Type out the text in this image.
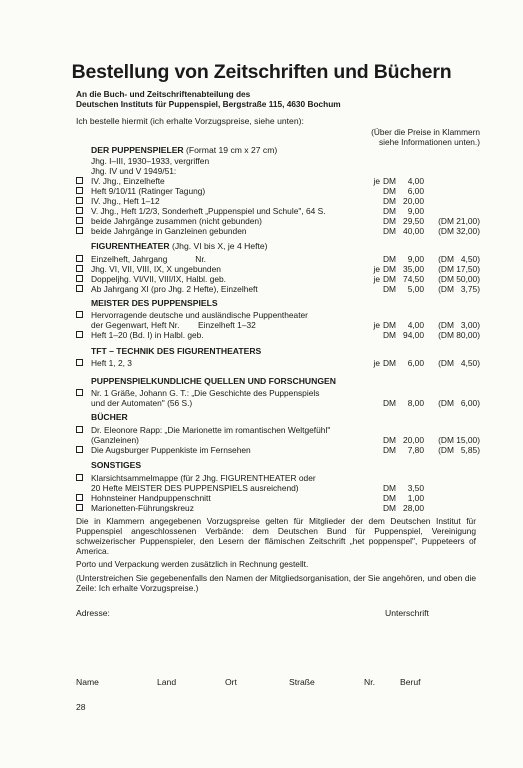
Bestellung von Zeitschriften und Büchern
An die Buch- und Zeitschriftenabteilung des
Deutschen Instituts für Puppenspiel, Bergstraße 115, 4630 Bochum
Ich bestelle hiermit (ich erhalte Vorzugspreise, siehe unten):
(Über die Preise in Klammern
siehe Informationen unten.)
DER PUPPENSPIELER (Format 19 cm x 27 cm)
Jhg. I–III, 1930–1933, vergriffen
Jhg. IV und V 1949/51:
IV. Jhg., Einzelhefte	je DM	4,00
Heft 9/10/11 (Ratinger Tagung)	DM	6,00
IV. Jhg., Heft 1–12	DM 20,00
V. Jhg., Heft 1/2/3, Sonderheft „Puppenspiel und Schule", 64 S.	DM	9,00
beide Jahrgänge zusammen (nicht gebunden)	DM 29,50	(DM 21,00)
beide Jahrgänge in Ganzleinen gebunden	DM 40,00	(DM 32,00)
FIGURENTHEATER (Jhg. VI bis X, je 4 Hefte)
Einzelheft, Jahrgang            Nr.	DM	9,00	(DM   4,50)
Jhg. VI, VII, VIII, IX, X ungebunden	je DM 35,00	(DM 17,50)
Doppeljhg. VI/VII, VIII/IX, Halbl. geb.	je DM 74,50	(DM 50,00)
Ab Jahrgang XI (pro Jhg. 2 Hefte), Einzelheft	DM	5,00	(DM   3,75)
MEISTER DES PUPPENSPIELS
Hervorragende deutsche und ausländische Puppentheater
der Gegenwart, Heft Nr.        Einzelheft 1–32	je DM	4,00	(DM   3,00)
Heft 1–20 (Bd. I) in Halbl. geb.	DM 94,00	(DM 80,00)
TFT – TECHNIK DES FIGURENTHEATERS
Heft 1, 2, 3	je DM	6,00	(DM   4,50)
PUPPENSPIELKUNDLICHE QUELLEN UND FORSCHUNGEN
Nr. 1 Gräße, Johann G. T.: „Die Geschichte des Puppenspiels
und der Automaten" (56 S.)	DM	8,00	(DM   6,00)
BÜCHER
Dr. Eleonore Rapp: „Die Marionette im romantischen Weltgefühl"
(Ganzleinen)	DM 20,00	(DM 15,00)
Die Augsburger Puppenkiste im Fernsehen	DM	7,80	(DM   5,85)
SONSTIGES
Klarsichtsammelmappe (für 2 Jhg. FIGURENTHEATER oder
20 Hefte MEISTER DES PUPPENSPIELS ausreichend)	DM	3,50
Hohnsteiner Handpuppenschnitt	DM	1,00
Marionetten-Führungskreuz	DM 28,00
Die in Klammern angegebenen Vorzugspreise gelten für Mitglieder der dem Deutschen Institut für Puppenspiel angeschlossenen Verbände: dem Deutschen Bund für Puppenspiel, Vereinigung schweizerischer Puppenspieler, den Lesern der flämischen Zeitschrift „het poppenspel", Puppeteers of America.
Porto und Verpackung werden zusätzlich in Rechnung gestellt.
(Unterstreichen Sie gegebenenfalls den Namen der Mitgliedsorganisation, der Sie angehören, und oben die Zeile: Ich erhalte Vorzugspreise.)
Adresse:	Unterschrift
Name	Land	Ort	Straße	Nr.	Beruf
28
